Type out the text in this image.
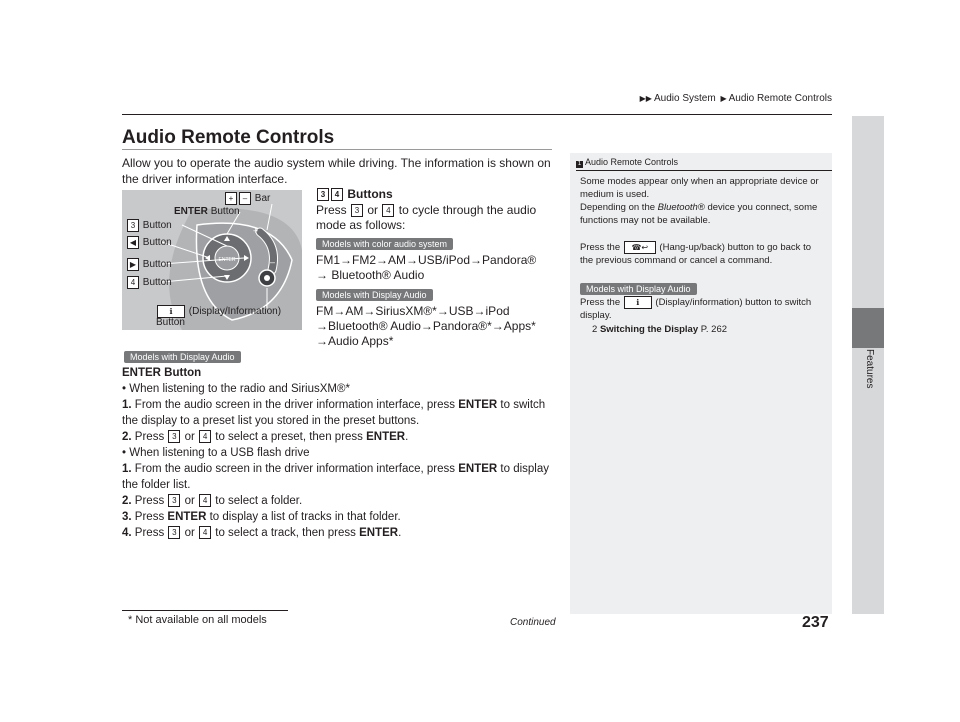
▶▶ Audio System ▶ Audio Remote Controls
Features
Audio Remote Controls
Allow you to operate the audio system while driving. The information is shown on the driver information interface.
ENTER
+
–
+ – Bar
ENTER Button
3 Button
◀ Button
▶ Button
4 Button
ℹ (Display/Information)
Button
3 4 Buttons
Press 3 or 4 to cycle through the audio mode as follows:
Models with color audio system
FM1→FM2→AM→USB/iPod→Pandora®
→ Bluetooth® Audio
Models with Display Audio
FM→AM→SiriusXM®*→USB→iPod
→Bluetooth® Audio→Pandora®*→Apps*
→Audio Apps*
Models with Display Audio
ENTER Button
• When listening to the radio and SiriusXM®*
1. From the audio screen in the driver information interface, press ENTER to switch the display to a preset list you stored in the preset buttons.
2. Press 3 or 4 to select a preset, then press ENTER.
• When listening to a USB flash drive
1. From the audio screen in the driver information interface, press ENTER to display the folder list.
2. Press 3 or 4 to select a folder.
3. Press ENTER to display a list of tracks in that folder.
4. Press 3 or 4 to select a track, then press ENTER.
1 Audio Remote Controls
Some modes appear only when an appropriate device or medium is used.
Depending on the Bluetooth® device you connect, some functions may not be available.
Press the ☎↩ (Hang-up/back) button to go back to the previous command or cancel a command.
Models with Display Audio
Press the ℹ (Display/information) button to switch display.
2 Switching the Display P. 262
* Not available on all models	Continued	237
